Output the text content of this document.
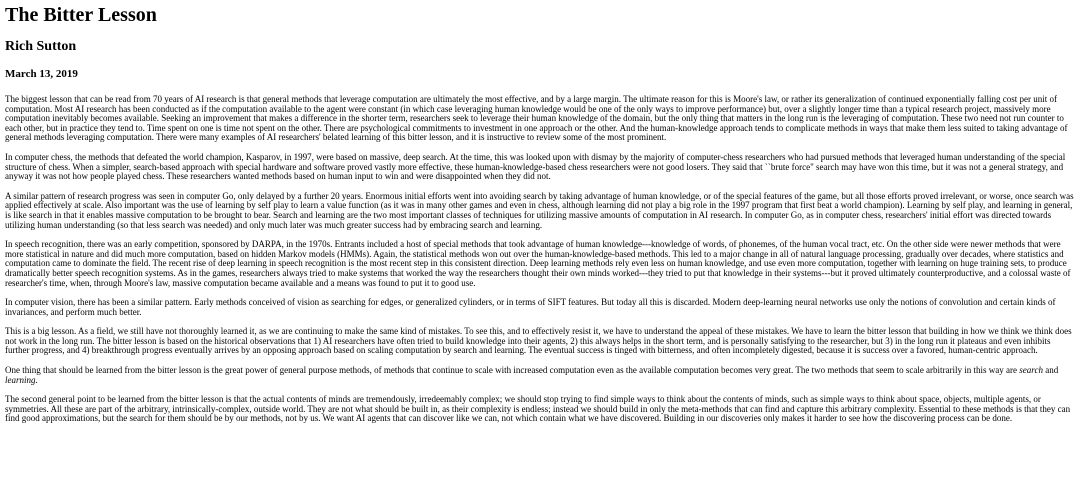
The Bitter Lesson
Rich Sutton
March 13, 2019

The biggest lesson that can be read from 70 years of AI research is that general methods that leverage computation are ultimately the most effective, and by a large margin. The ultimate reason for this is Moore's law, or rather its generalization of continued exponentially falling cost per unit of computation. Most AI research has been conducted as if the computation available to the agent were constant (in which case leveraging human knowledge would be one of the only ways to improve performance) but, over a slightly longer time than a typical research project, massively more computation inevitably becomes available. Seeking an improvement that makes a difference in the shorter term, researchers seek to leverage their human knowledge of the domain, but the only thing that matters in the long run is the leveraging of computation. These two need not run counter to each other, but in practice they tend to. Time spent on one is time not spent on the other. There are psychological commitments to investment in one approach or the other. And the human-knowledge approach tends to complicate methods in ways that make them less suited to taking advantage of general methods leveraging computation. There were many examples of AI researchers' belated learning of this bitter lesson, and it is instructive to review some of the most prominent.

In computer chess, the methods that defeated the world champion, Kasparov, in 1997, were based on massive, deep search. At the time, this was looked upon with dismay by the majority of computer-chess researchers who had pursued methods that leveraged human understanding of the special structure of chess. When a simpler, search-based approach with special hardware and software proved vastly more effective, these human-knowledge-based chess researchers were not good losers. They said that ``brute force" search may have won this time, but it was not a general strategy, and anyway it was not how people played chess. These researchers wanted methods based on human input to win and were disappointed when they did not.

A similar pattern of research progress was seen in computer Go, only delayed by a further 20 years. Enormous initial efforts went into avoiding search by taking advantage of human knowledge, or of the special features of the game, but all those efforts proved irrelevant, or worse, once search was applied effectively at scale. Also important was the use of learning by self play to learn a value function (as it was in many other games and even in chess, although learning did not play a big role in the 1997 program that first beat a world champion). Learning by self play, and learning in general, is like search in that it enables massive computation to be brought to bear. Search and learning are the two most important classes of techniques for utilizing massive amounts of computation in AI research. In computer Go, as in computer chess, researchers' initial effort was directed towards utilizing human understanding (so that less search was needed) and only much later was much greater success had by embracing search and learning.

In speech recognition, there was an early competition, sponsored by DARPA, in the 1970s. Entrants included a host of special methods that took advantage of human knowledge---knowledge of words, of phonemes, of the human vocal tract, etc. On the other side were newer methods that were more statistical in nature and did much more computation, based on hidden Markov models (HMMs). Again, the statistical methods won out over the human-knowledge-based methods. This led to a major change in all of natural language processing, gradually over decades, where statistics and computation came to dominate the field. The recent rise of deep learning in speech recognition is the most recent step in this consistent direction. Deep learning methods rely even less on human knowledge, and use even more computation, together with learning on huge training sets, to produce dramatically better speech recognition systems. As in the games, researchers always tried to make systems that worked the way the researchers thought their own minds worked---they tried to put that knowledge in their systems---but it proved ultimately counterproductive, and a colossal waste of researcher's time, when, through Moore's law, massive computation became available and a means was found to put it to good use.

In computer vision, there has been a similar pattern. Early methods conceived of vision as searching for edges, or generalized cylinders, or in terms of SIFT features. But today all this is discarded. Modern deep-learning neural networks use only the notions of convolution and certain kinds of invariances, and perform much better.

This is a big lesson. As a field, we still have not thoroughly learned it, as we are continuing to make the same kind of mistakes. To see this, and to effectively resist it, we have to understand the appeal of these mistakes. We have to learn the bitter lesson that building in how we think we think does not work in the long run. The bitter lesson is based on the historical observations that 1) AI researchers have often tried to build knowledge into their agents, 2) this always helps in the short term, and is personally satisfying to the researcher, but 3) in the long run it plateaus and even inhibits further progress, and 4) breakthrough progress eventually arrives by an opposing approach based on scaling computation by search and learning. The eventual success is tinged with bitterness, and often incompletely digested, because it is success over a favored, human-centric approach.

One thing that should be learned from the bitter lesson is the great power of general purpose methods, of methods that continue to scale with increased computation even as the available computation becomes very great. The two methods that seem to scale arbitrarily in this way are search and learning.

The second general point to be learned from the bitter lesson is that the actual contents of minds are tremendously, irredeemably complex; we should stop trying to find simple ways to think about the contents of minds, such as simple ways to think about space, objects, multiple agents, or symmetries. All these are part of the arbitrary, intrinsically-complex, outside world. They are not what should be built in, as their complexity is endless; instead we should build in only the meta-methods that can find and capture this arbitrary complexity. Essential to these methods is that they can find good approximations, but the search for them should be by our methods, not by us. We want AI agents that can discover like we can, not which contain what we have discovered. Building in our discoveries only makes it harder to see how the discovering process can be done.
